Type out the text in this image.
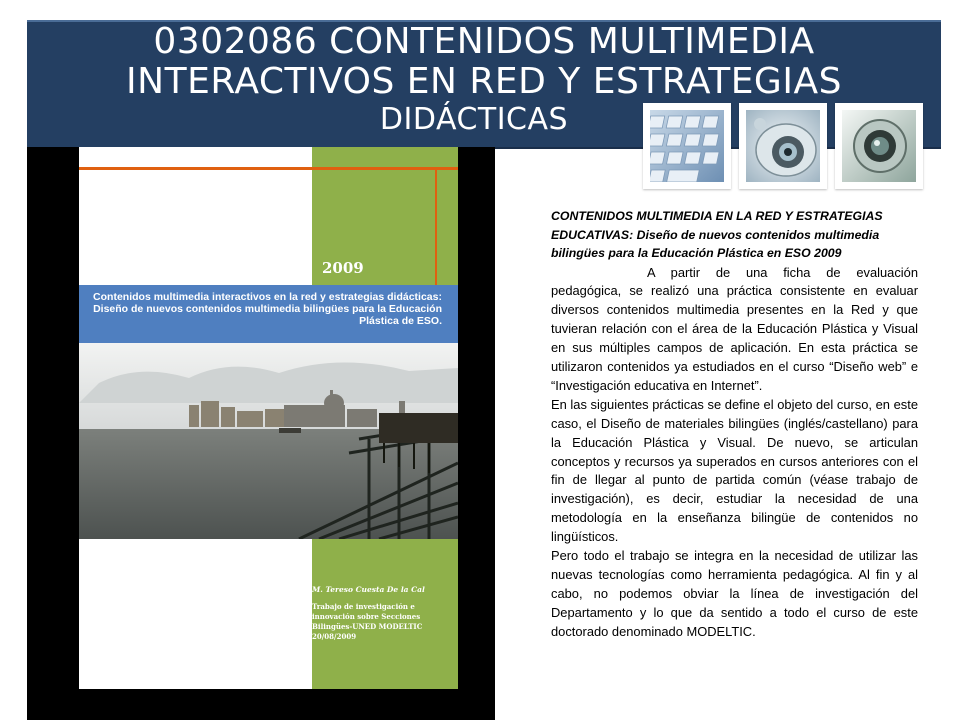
0302086 CONTENIDOS MULTIMEDIA
INTERACTIVOS EN RED Y ESTRATEGIAS
DIDÁCTICAS
2009
Contenidos multimedia interactivos en la red y estrategias didácticas:
Diseño de nuevos contenidos multimedia bilingües para la Educación
Plástica de ESO.
M. Tereso Cuesta De la Cal
Trabajo de investigación e
innovación sobre Secciones
Bilingües-UNED MODELTIC
20/08/2009
CONTENIDOS MULTIMEDIA EN LA RED Y ESTRATEGIAS EDUCATIVAS: Diseño de nuevos contenidos multimedia bilingües para la Educación Plástica en ESO 2009

A partir de una ficha de evaluación pedagógica, se realizó una práctica consistente en evaluar diversos contenidos multimedia presentes en la Red y que tuvieran relación con el área de la Educación Plástica y Visual en sus múltiples campos de aplicación. En esta práctica se utilizaron contenidos ya estudiados en el curso “Diseño web” e “Investigación educativa en Internet”.

En las siguientes prácticas se define el objeto del curso, en este caso, el Diseño de materiales bilingües (inglés/castellano) para la Educación Plástica y Visual. De nuevo, se articulan conceptos y recursos ya superados en cursos anteriores con el fin de llegar al punto de partida común (véase trabajo de investigación), es decir, estudiar la necesidad de una metodología en la enseñanza bilingüe de contenidos no lingüísticos.

Pero todo el trabajo se integra en la necesidad de utilizar las nuevas tecnologías como herramienta pedagógica. Al fin y al cabo, no podemos obviar la línea de investigación del Departamento y lo que da sentido a todo el curso de este doctorado denominado MODELTIC.
